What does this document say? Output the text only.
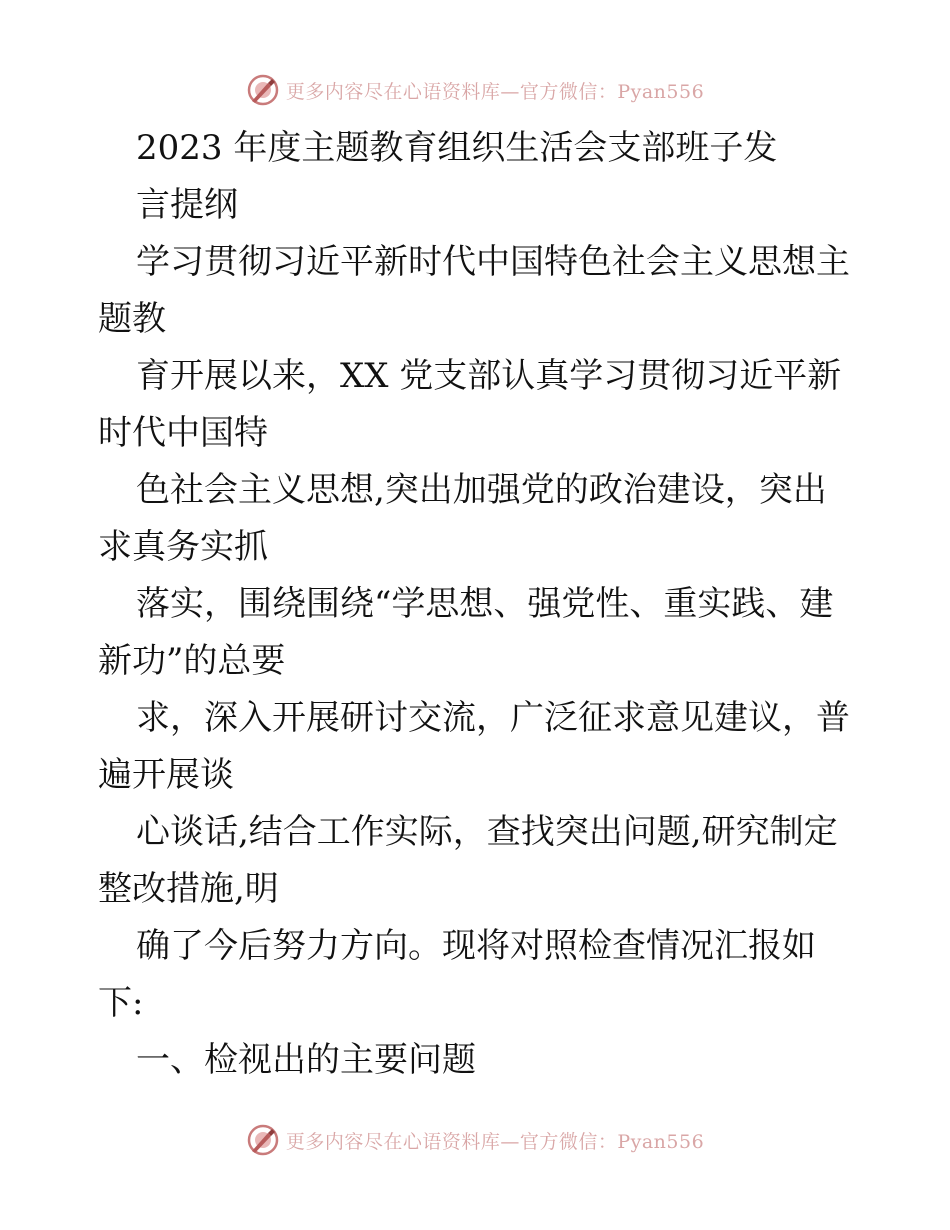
更多内容尽在心语资料库—官方微信：Pyan556
2023 年度主题教育组织生活会支部班子发
言提纲
学习贯彻习近平新时代中国特色社会主义思想主
题教
育开展以来，XX 党支部认真学习贯彻习近平新
时代中国特
色社会主义思想,突出加强党的政治建设，突出
求真务实抓
落实，围绕围绕“学思想、强党性、重实践、建
新功”的总要
求，深入开展研讨交流，广泛征求意见建议，普
遍开展谈
心谈话,结合工作实际，查找突出问题,研究制定
整改措施,明
确了今后努力方向。现将对照检查情况汇报如
下:
一、检视出的主要问题
更多内容尽在心语资料库—官方微信：Pyan556
